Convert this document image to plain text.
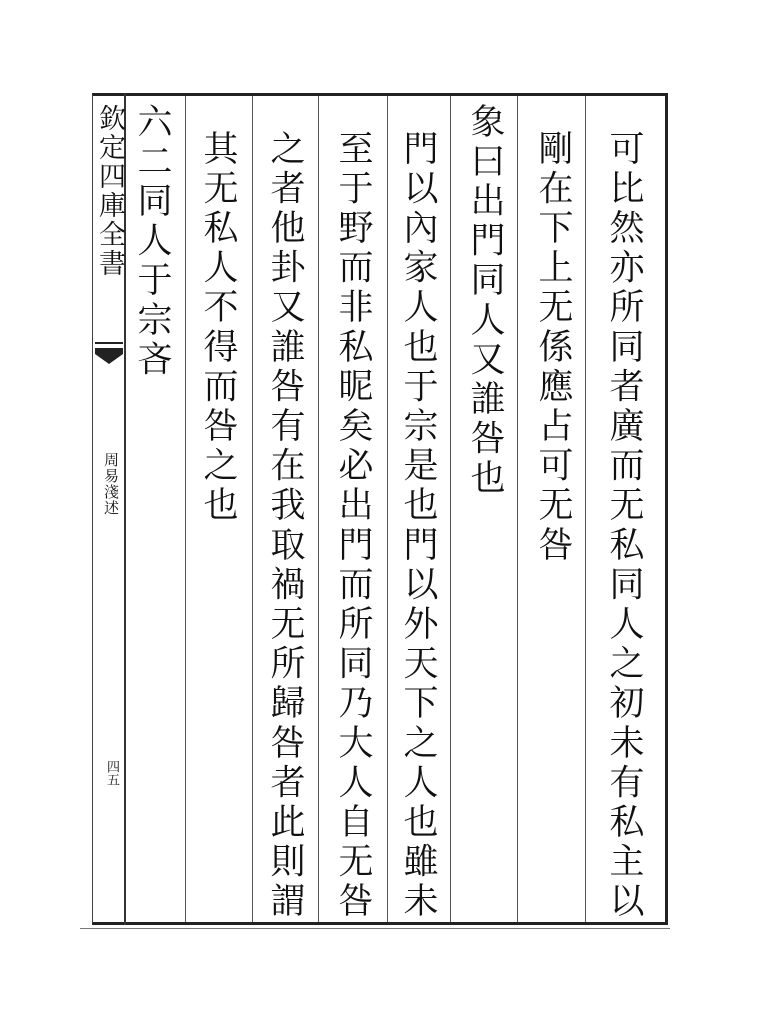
欽定四庫全書
周易淺述
四五	可比然亦所同者廣而无私同人之初未有私主以
剛在下上无係應占可无咎
象曰出門同人又誰咎也
門以內家人也于宗是也門以外天下之人也雖未
至于野而非私昵矣必出門而所同乃大人自无咎
之者他卦又誰咎有在我取禍无所歸咎者此則謂
其无私人不得而咎之也
六二同人于宗吝
